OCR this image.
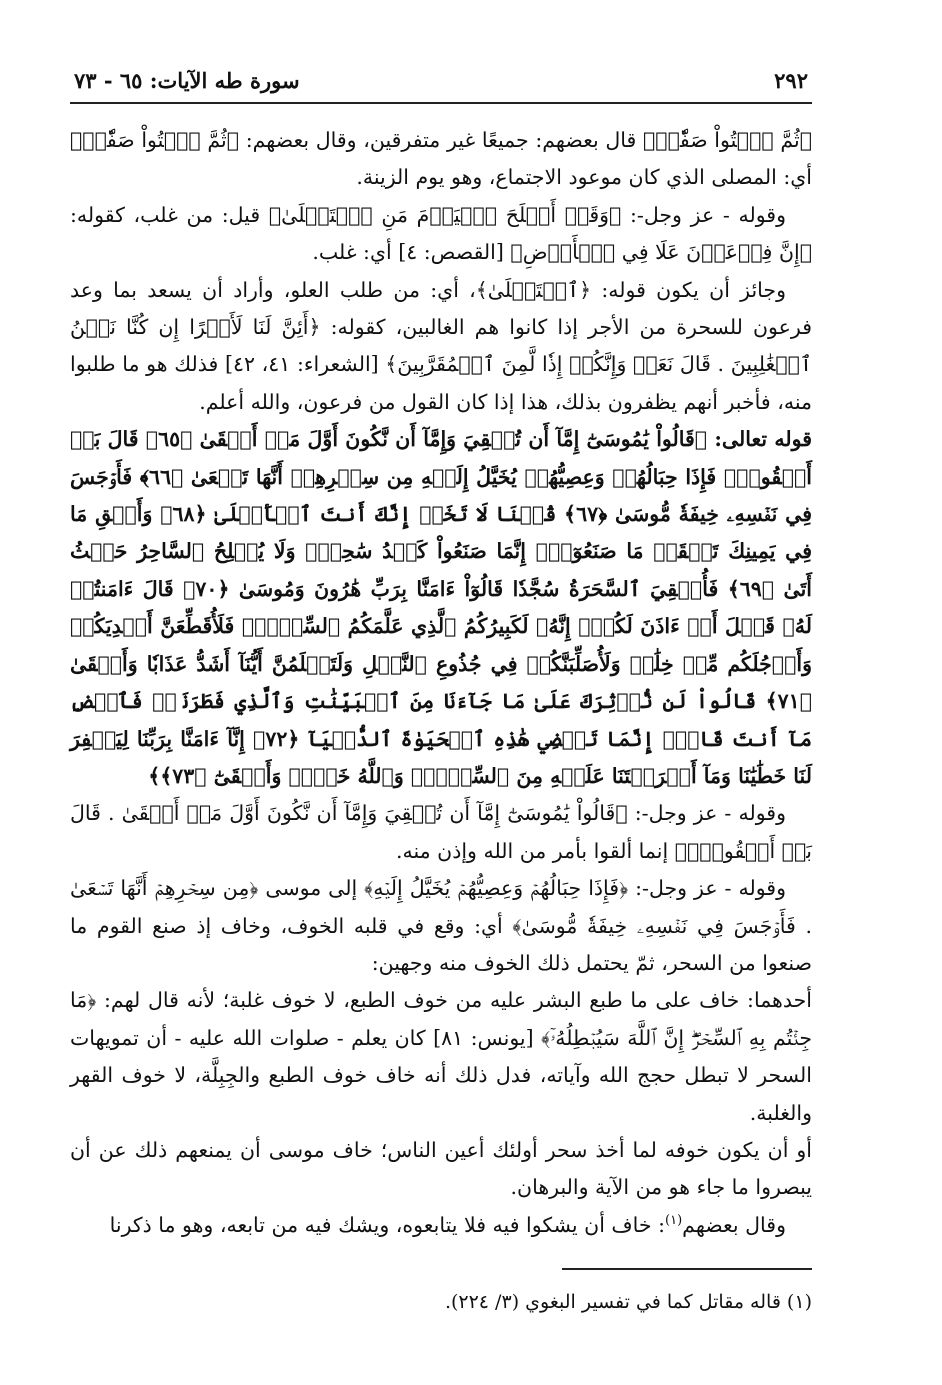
٢٩٢
سورة طه الآيات: ٦٥ - ٧٣

﴿ثُمَّ ٱئۡتُواْ صَفّٗاۚ﴾ قال بعضهم: جميعًا غير متفرقين، وقال بعضهم: ﴿ثُمَّ ٱئۡتُواْ صَفّٗاۚ﴾ أي: المصلى الذي كان موعود الاجتماع، وهو يوم الزينة.

وقوله - عز وجل-: ﴿وَقَدۡ أَفۡلَحَ ٱلۡيَوۡمَ مَنِ ٱسۡتَعۡلَىٰ﴾ قيل: من غلب، كقوله: ﴿إِنَّ فِرۡعَوۡنَ عَلَا فِي ٱلۡأَرۡضِ﴾ [القصص: ٤] أي: غلب.

وجائز أن يكون قوله: ﴿ٱسۡتَعۡلَىٰ﴾، أي: من طلب العلو، وأراد أن يسعد بما وعد فرعون للسحرة من الأجر إذا كانوا هم الغالبين، كقوله: ﴿أَئِنَّ لَنَا لَأَجۡرًا إِن كُنَّا نَحۡنُ ٱلۡغَٰلِبِينَ . قَالَ نَعَمۡ وَإِنَّكُمۡ إِذٗا لَّمِنَ ٱلۡمُقَرَّبِينَ﴾ [الشعراء: ٤١، ٤٢] فذلك هو ما طلبوا منه، فأخبر أنهم يظفرون بذلك، هذا إذا كان القول من فرعون، والله أعلم.

قوله تعالى: ﴿قَالُواْ يَٰمُوسَىٰٓ إِمَّآ أَن تُلۡقِيَ وَإِمَّآ أَن نَّكُونَ أَوَّلَ مَنۡ أَلۡقَىٰ ﴿٦٥﴾ قَالَ بَلۡ أَلۡقُواْۖ فَإِذَا حِبَالُهُمۡ وَعِصِيُّهُمۡ يُخَيَّلُ إِلَيۡهِ مِن سِحۡرِهِمۡ أَنَّهَا تَسۡعَىٰ ﴿٦٦﴾ فَأَوۡجَسَ فِي نَفۡسِهِۦ خِيفَةٗ مُّوسَىٰ ﴿٦٧﴾ قُلۡنَا لَا تَخَفۡ إِنَّكَ أَنتَ ٱلۡأَعۡلَىٰ ﴿٦٨﴾ وَأَلۡقِ مَا فِي يَمِينِكَ تَلۡقَفۡ مَا صَنَعُوٓاْۖ إِنَّمَا صَنَعُواْ كَيۡدُ سَٰحِرٖۖ وَلَا يُفۡلِحُ ٱلسَّاحِرُ حَيۡثُ أَتَىٰ ﴿٦٩﴾ فَأُلۡقِيَ ٱلسَّحَرَةُ سُجَّدٗا قَالُوٓاْ ءَامَنَّا بِرَبِّ هَٰرُونَ وَمُوسَىٰ ﴿٧٠﴾ قَالَ ءَامَنتُمۡ لَهُۥ قَبۡلَ أَنۡ ءَاذَنَ لَكُمۡۖ إِنَّهُۥ لَكَبِيرُكُمُ ٱلَّذِي عَلَّمَكُمُ ٱلسِّحۡرَۖ فَلَأُقَطِّعَنَّ أَيۡدِيَكُمۡ وَأَرۡجُلَكُم مِّنۡ خِلَٰفٖ وَلَأُصَلِّبَنَّكُمۡ فِي جُذُوعِ ٱلنَّخۡلِ وَلَتَعۡلَمُنَّ أَيُّنَآ أَشَدُّ عَذَابٗا وَأَبۡقَىٰ ﴿٧١﴾ قَالُواْ لَن نُّؤۡثِرَكَ عَلَىٰ مَا جَآءَنَا مِنَ ٱلۡبَيِّنَٰتِ وَٱلَّذِي فَطَرَنَاۖ فَٱقۡضِ مَآ أَنتَ قَاضٍۖ إِنَّمَا تَقۡضِي هَٰذِهِ ٱلۡحَيَوٰةَ ٱلدُّنۡيَآ ﴿٧٢﴾ إِنَّآ ءَامَنَّا بِرَبِّنَا لِيَغۡفِرَ لَنَا خَطَٰيَٰنَا وَمَآ أَكۡرَهۡتَنَا عَلَيۡهِ مِنَ ٱلسِّحۡرِۗ وَٱللَّهُ خَيۡرٞ وَأَبۡقَىٰٓ ﴿٧٣﴾﴾

وقوله - عز وجل-: ﴿قَالُواْ يَٰمُوسَىٰٓ إِمَّآ أَن تُلۡقِيَ وَإِمَّآ أَن نَّكُونَ أَوَّلَ مَنۡ أَلۡقَىٰ . قَالَ بَلۡ أَلۡقُواْۖ﴾ إنما ألقوا بأمر من الله وإذن منه.

وقوله - عز وجل-: ﴿فَإِذَا حِبَالُهُمۡ وَعِصِيُّهُمۡ يُخَيَّلُ إِلَيۡهِ﴾ إلى موسى ﴿مِن سِحۡرِهِمۡ أَنَّهَا تَسۡعَىٰ . فَأَوۡجَسَ فِي نَفۡسِهِۦ خِيفَةٗ مُّوسَىٰ﴾ أي: وقع في قلبه الخوف، وخاف إذ صنع القوم ما صنعوا من السحر، ثمّ يحتمل ذلك الخوف منه وجهين:

أحدهما: خاف على ما طبع البشر عليه من خوف الطبع، لا خوف غلبة؛ لأنه قال لهم: ﴿مَا جِئۡتُم بِهِ ٱلسِّحۡرُۖ إِنَّ ٱللَّهَ سَيُبۡطِلُهُۥٓ﴾ [يونس: ٨١] كان يعلم - صلوات الله عليه - أن تمويهات السحر لا تبطل حجج الله وآياته، فدل ذلك أنه خاف خوف الطبع والجِبِلَّة، لا خوف القهر والغلبة.

أو أن يكون خوفه لما أخذ سحر أولئك أعين الناس؛ خاف موسى أن يمنعهم ذلك عن أن يبصروا ما جاء هو من الآية والبرهان.

وقال بعضهم$^{(١)}$: خاف أن يشكوا فيه فلا يتابعوه، ويشك فيه من تابعه، وهو ما ذكرنا

(١) قاله مقاتل كما في تفسير البغوي (٣/ ٢٢٤).
